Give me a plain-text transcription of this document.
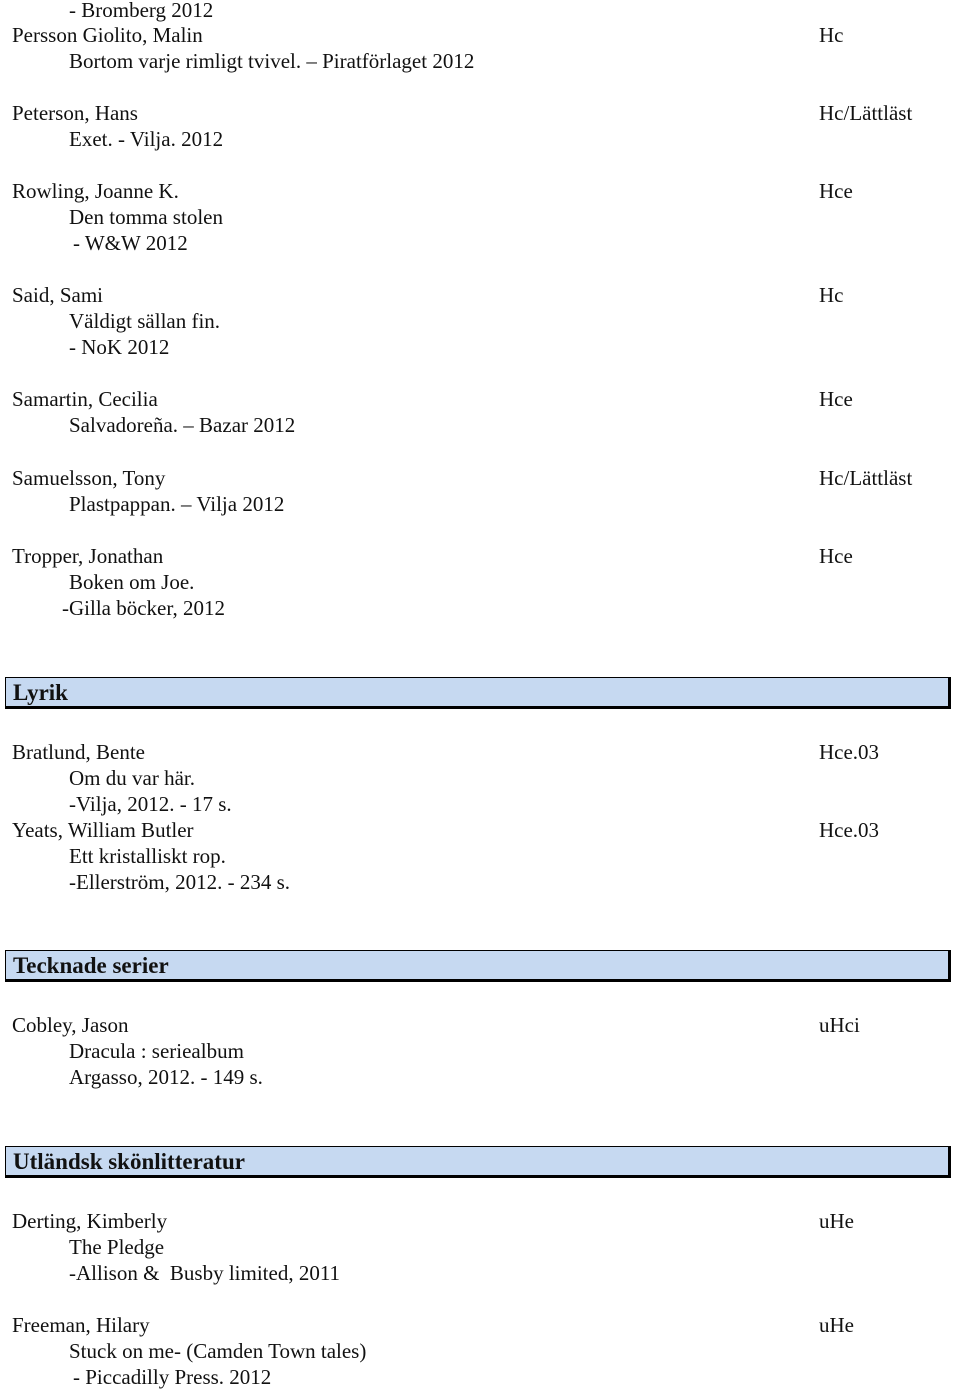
- Bromberg 2012
Persson Giolito, Malin	Hc
Bortom varje rimligt tvivel. – Piratförlaget 2012
Peterson, Hans	Hc/Lättläst
Exet. - Vilja. 2012
Rowling, Joanne K.	Hce
Den tomma stolen
- W&W 2012
Said, Sami	Hc
Väldigt sällan fin.
- NoK 2012
Samartin, Cecilia	Hce
Salvadoreña. – Bazar 2012
Samuelsson, Tony	Hc/Lättläst
Plastpappan. – Vilja 2012
Tropper, Jonathan	Hce
Boken om Joe.
-Gilla böcker, 2012
Lyrik
Bratlund, Bente	Hce.03
Om du var här.
-Vilja, 2012. - 17 s.
Yeats, William Butler	Hce.03
Ett kristalliskt rop.
-Ellerström, 2012. - 234 s.
Tecknade serier
Cobley, Jason	uHci
Dracula : seriealbum
Argasso, 2012. - 149 s.
Utländsk skönlitteratur
Derting, Kimberly	uHe
The Pledge
-Allison &  Busby limited, 2011
Freeman, Hilary	uHe
Stuck on me- (Camden Town tales)
- Piccadilly Press. 2012
